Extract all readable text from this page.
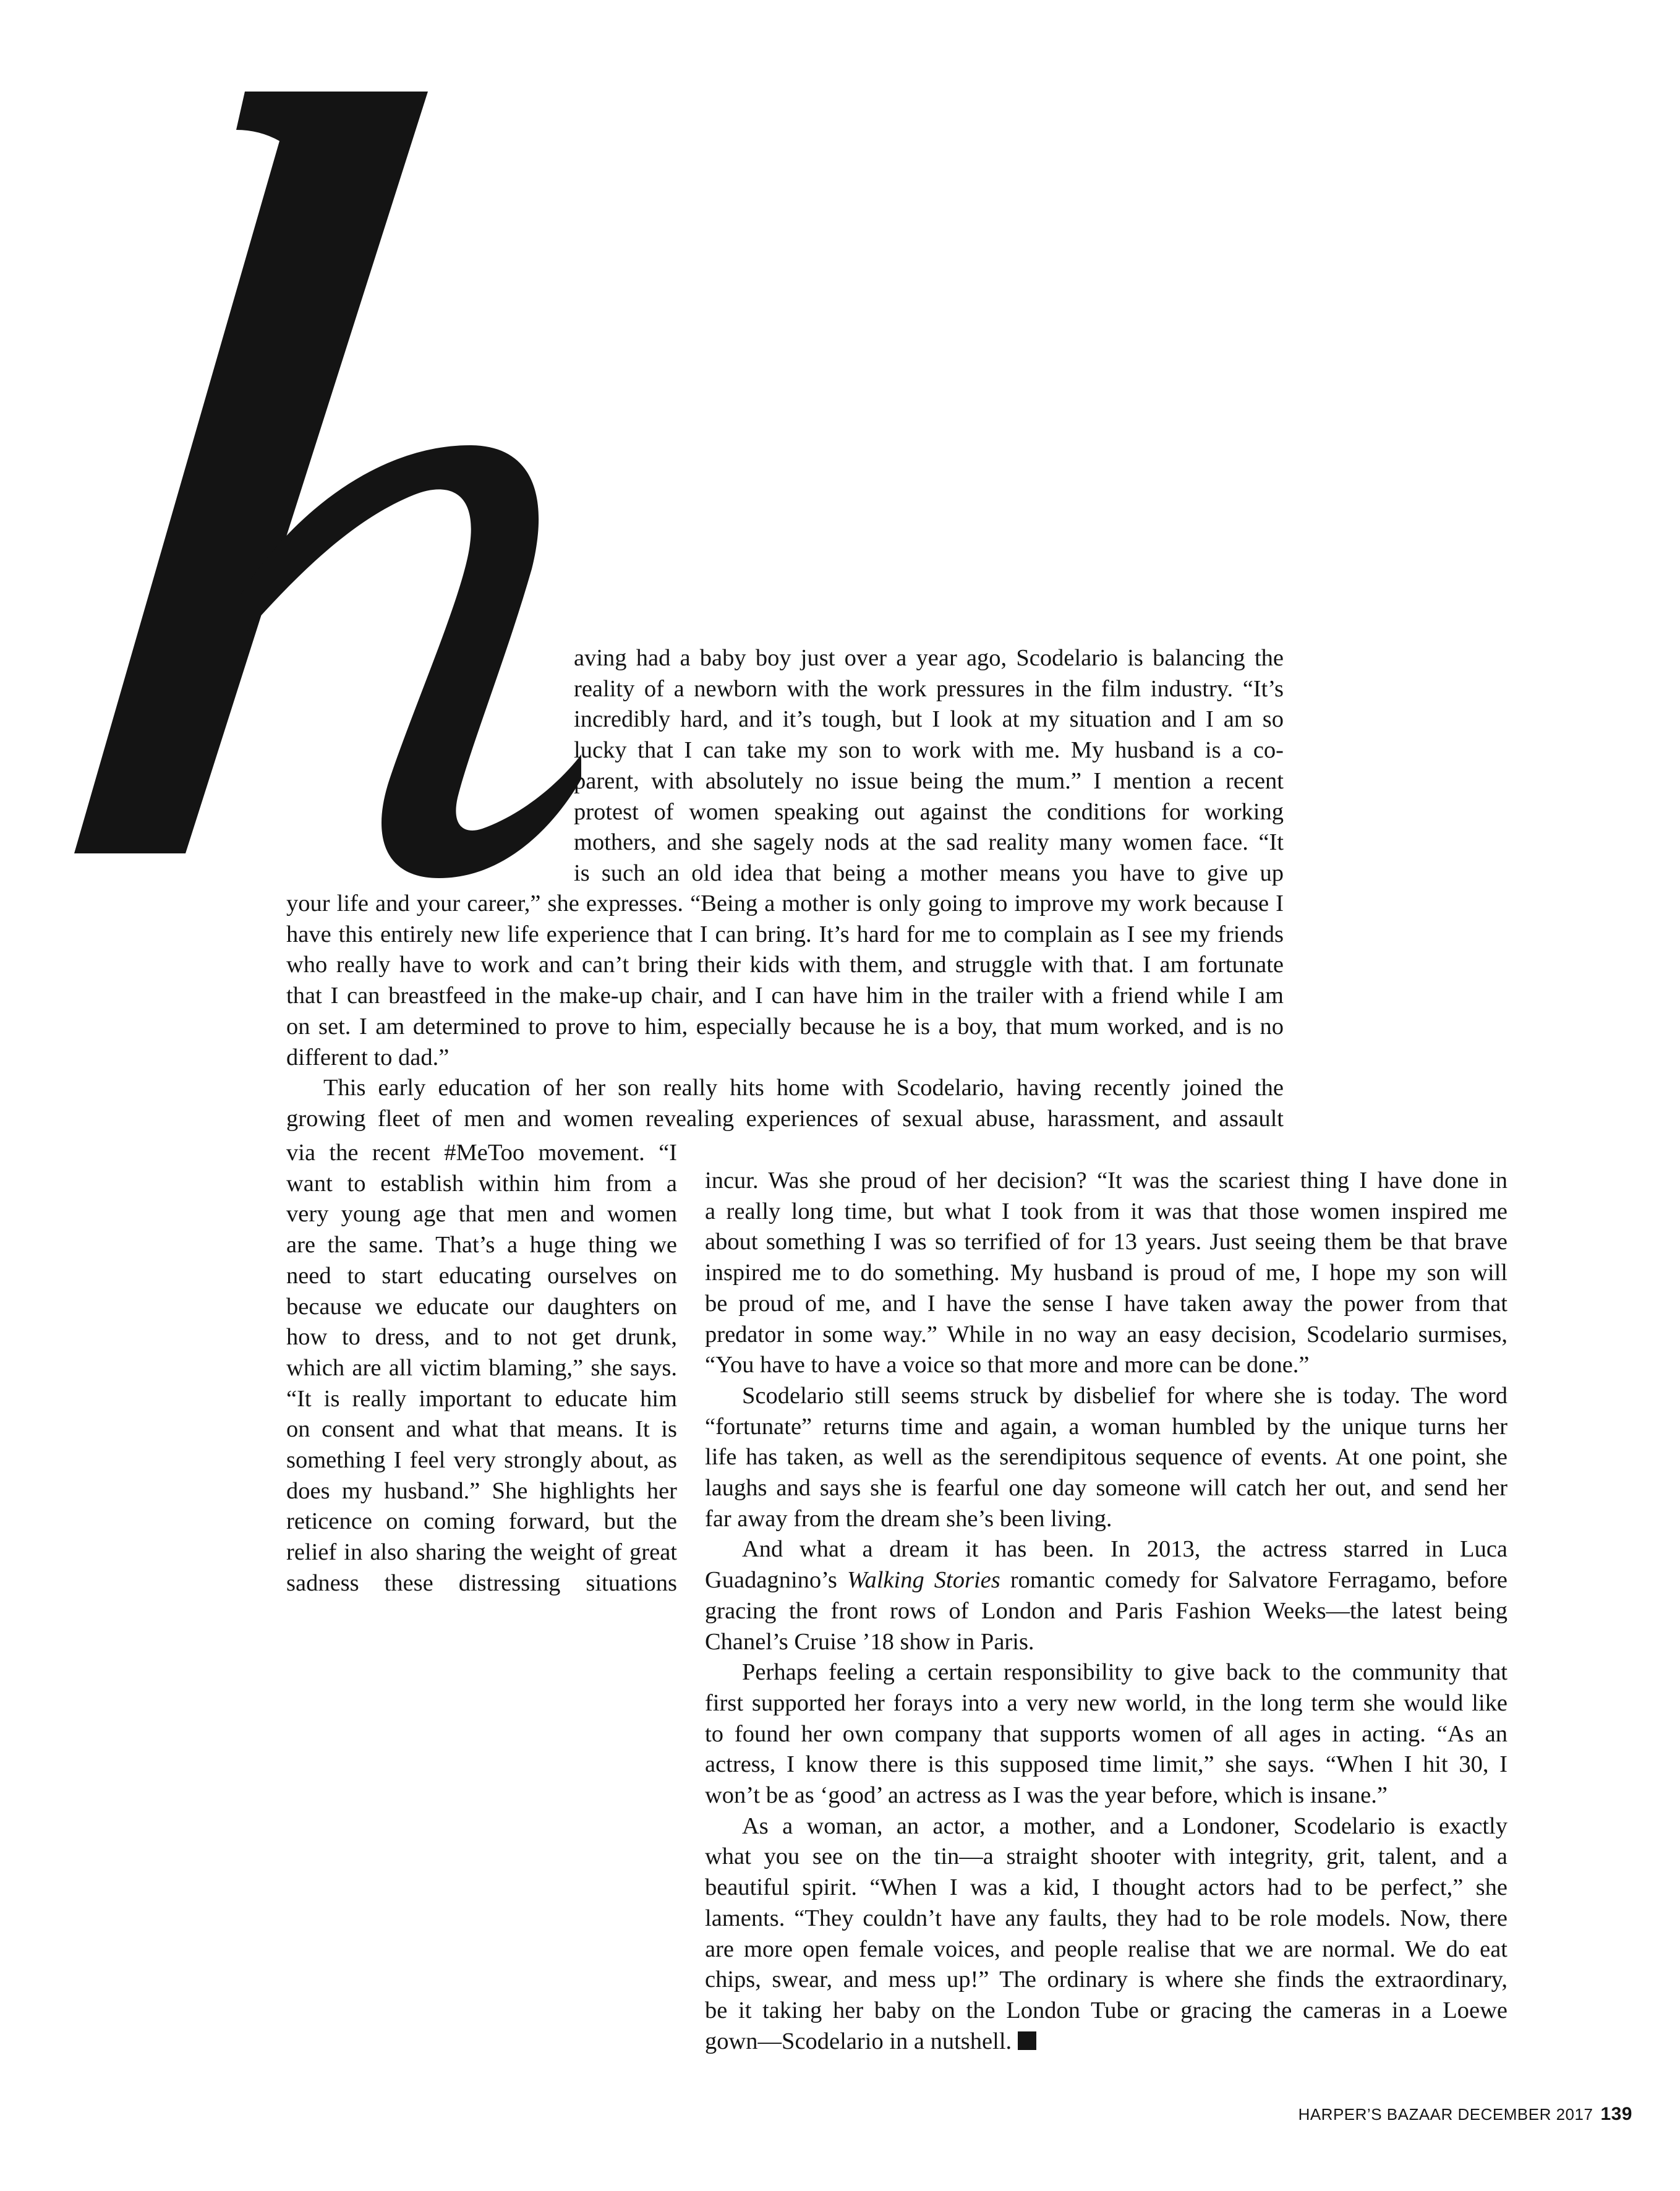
aving had a baby boy just over a year ago, Scodelario is balancing the

reality of a newborn with the work pressures in the film industry. “It’s

incredibly hard, and it’s tough, but I look at my situation and I am so

lucky that I can take my son to work with me. My husband is a co-

parent, with absolutely no issue being the mum.” I mention a recent

protest of women speaking out against the conditions for working

mothers, and she sagely nods at the sad reality many women face. “It

is such an old idea that being a mother means you have to give up

your life and your career,” she expresses. “Being a mother is only going to improve my work because I

have this entirely new life experience that I can bring. It’s hard for me to complain as I see my friends

who really have to work and can’t bring their kids with them, and struggle with that. I am fortunate

that I can breastfeed in the make-up chair, and I can have him in the trailer with a friend while I am

on set. I am determined to prove to him, especially because he is a boy, that mum worked, and is no

different to dad.”

This early education of her son really hits home with Scodelario, having recently joined the

growing fleet of men and women revealing experiences of sexual abuse, harassment, and assault

via the recent #MeToo movement. “I

want to establish within him from a

very young age that men and women

are the same. That’s a huge thing we

need to start educating ourselves on

because we educate our daughters on

how to dress, and to not get drunk,

which are all victim blaming,” she says.

“It is really important to educate him

on consent and what that means. It is

something I feel very strongly about, as

does my husband.” She highlights her

reticence on coming forward, but the

relief in also sharing the weight of great

sadness these distressing situations

incur. Was she proud of her decision? “It was the scariest thing I have done in

a really long time, but what I took from it was that those women inspired me

about something I was so terrified of for 13 years. Just seeing them be that brave

inspired me to do something. My husband is proud of me, I hope my son will

be proud of me, and I have the sense I have taken away the power from that

predator in some way.” While in no way an easy decision, Scodelario surmises,

“You have to have a voice so that more and more can be done.”

Scodelario still seems struck by disbelief for where she is today. The word

“fortunate” returns time and again, a woman humbled by the unique turns her

life has taken, as well as the serendipitous sequence of events. At one point, she

laughs and says she is fearful one day someone will catch her out, and send her

far away from the dream she’s been living.

And what a dream it has been. In 2013, the actress starred in Luca

Guadagnino’s Walking Stories romantic comedy for Salvatore Ferragamo, before

gracing the front rows of London and Paris Fashion Weeks—the latest being

Chanel’s Cruise ’18 show in Paris.

Perhaps feeling a certain responsibility to give back to the community that

first supported her forays into a very new world, in the long term she would like

to found her own company that supports women of all ages in acting. “As an

actress, I know there is this supposed time limit,” she says. “When I hit 30, I

won’t be as ‘good’ an actress as I was the year before, which is insane.”

As a woman, an actor, a mother, and a Londoner, Scodelario is exactly

what you see on the tin—a straight shooter with integrity, grit, talent, and a

beautiful spirit. “When I was a kid, I thought actors had to be perfect,” she

laments. “They couldn’t have any faults, they had to be role models. Now, there

are more open female voices, and people realise that we are normal. We do eat

chips, swear, and mess up!” The ordinary is where she finds the extraordinary,

be it taking her baby on the London Tube or gracing the cameras in a Loewe

gown—Scodelario in a nutshell.

HARPER’S BAZAAR DECEMBER 2017 139
